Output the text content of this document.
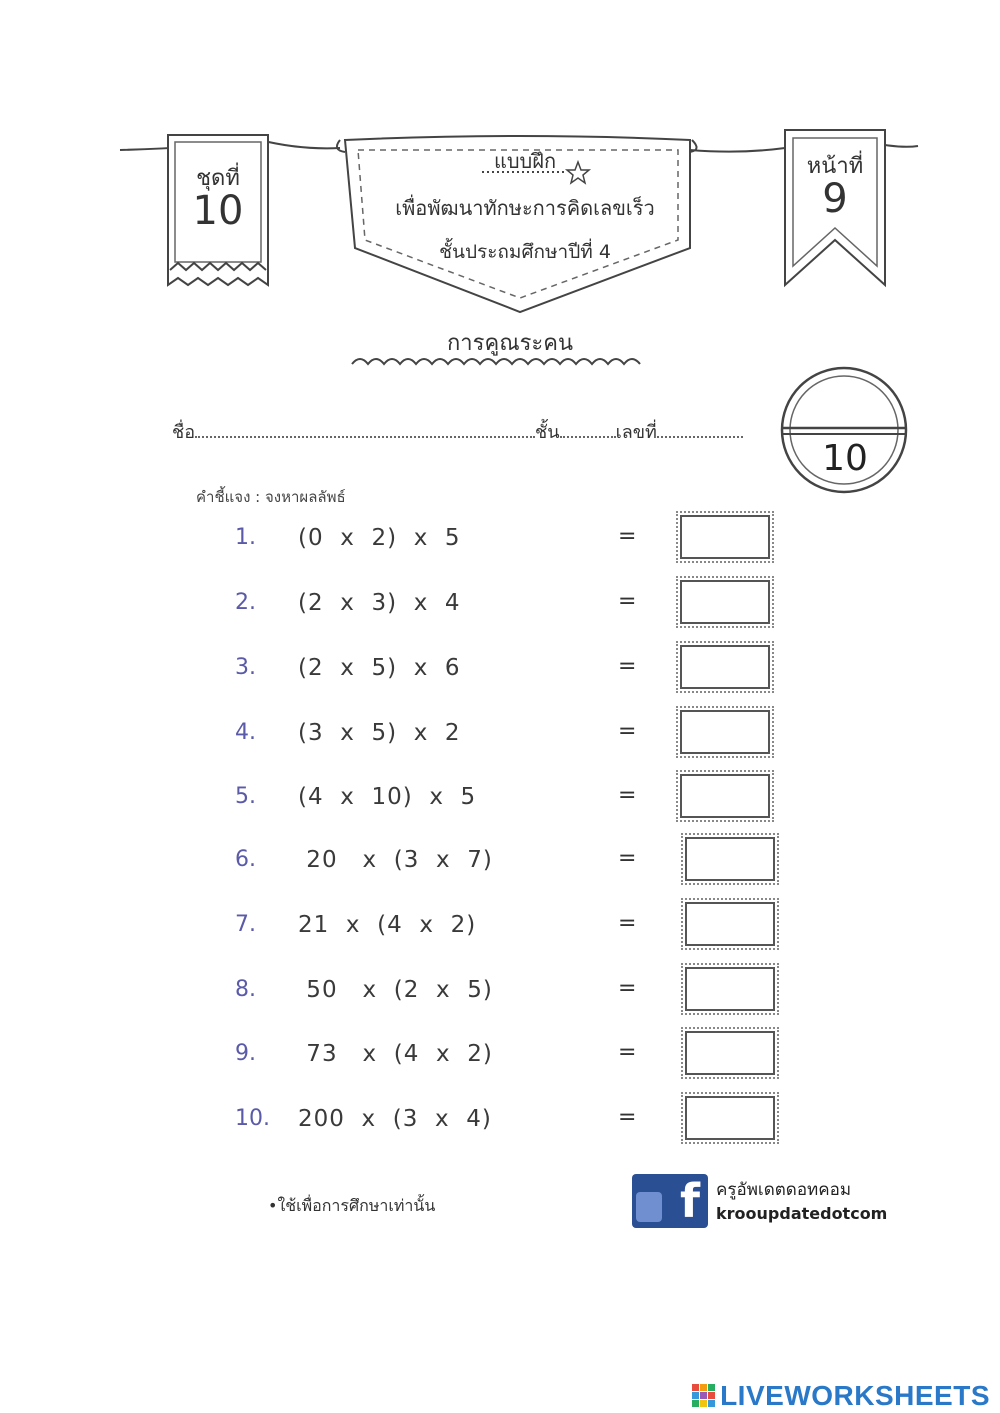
ชุดที่
10
หน้าที่
9
แบบฝึก
เพื่อพัฒนาทักษะการคิดเลขเร็ว
ชั้นประถมศึกษาปีที่ 4
การคูณระคน
ชื่อ	ชั้น	เลขที่
10
คำชี้แจง : จงหาผลลัพธ์
1. (0  x  2)  x  5	=
2. (2  x  3)  x  4	=
3. (2  x  5)  x  6	=
4. (3  x  5)  x  2	=
5. (4  x  10)  x  5	=
6. 20   x  (3  x  7)	=
7. 21  x  (4  x  2)	=
8. 50   x  (2  x  5)	=
9. 73   x  (4  x  2)	=
10. 200  x  (3  x  4)	=
•ใช้เพื่อการศึกษาเท่านั้น	f ครูอัพเดตดอทคอม
krooupdatedotcom
LIVEWORKSHEETS
